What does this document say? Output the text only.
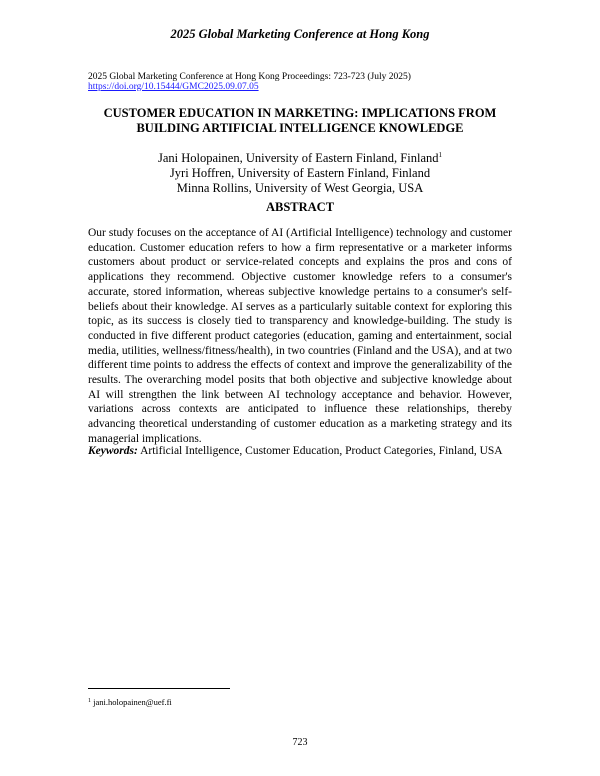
2025 Global Marketing Conference at Hong Kong
2025 Global Marketing Conference at Hong Kong Proceedings: 723-723 (July 2025)
https://doi.org/10.15444/GMC2025.09.07.05
CUSTOMER EDUCATION IN MARKETING: IMPLICATIONS FROM
BUILDING ARTIFICIAL INTELLIGENCE KNOWLEDGE
Jani Holopainen, University of Eastern Finland, Finland$^1$
Jyri Hoffren, University of Eastern Finland, Finland
Minna Rollins, University of West Georgia, USA
ABSTRACT

Our study focuses on the acceptance of AI (Artificial Intelligence) technology and customer education. Customer education refers to how a firm representative or a marketer informs customers about product or service-related concepts and explains the pros and cons of applications they recommend. Objective customer knowledge refers to a consumer's accurate, stored information, whereas subjective knowledge pertains to a consumer's self-beliefs about their knowledge. AI serves as a particularly suitable context for exploring this topic, as its success is closely tied to transparency and knowledge-building. The study is conducted in five different product categories (education, gaming and entertainment, social media, utilities, wellness/fitness/health), in two countries (Finland and the USA), and at two different time points to address the effects of context and improve the generalizability of the results. The overarching model posits that both objective and subjective knowledge about AI will strengthen the link between AI technology acceptance and behavior. However, variations across contexts are anticipated to influence these relationships, thereby advancing theoretical understanding of customer education as a marketing strategy and its managerial implications.

Keywords: Artificial Intelligence, Customer Education, Product Categories, Finland, USA
$^1$ jani.holopainen@uef.fi
723
